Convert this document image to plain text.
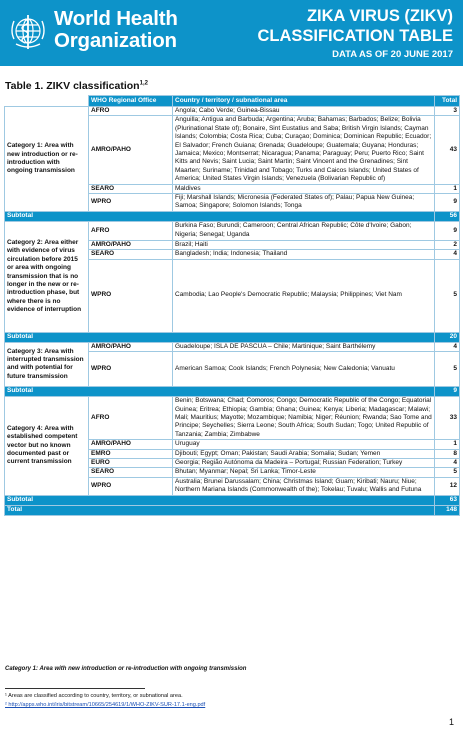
World Health
Organization
ZIKA VIRUS (ZIKV)
CLASSIFICATION TABLE
DATA AS OF 20 JUNE 2017
Table 1. ZIKV classification$^{1,2}$
	WHO Regional Office	Country / territory / subnational area	Total
Category 1: Area with new introduction or re-introduction with ongoing transmission	AFRO	Angola; Cabo Verde; Guinea-Bissau	3
	AMRO/PAHO	Anguilla; Antigua and Barbuda; Argentina; Aruba; Bahamas; Barbados; Belize; Bolivia (Plurinational State of); Bonaire, Sint Eustatius and Saba; British Virgin Islands; Cayman Islands; Colombia; Costa Rica; Cuba; Curaçao; Dominica; Dominican Republic; Ecuador; El Salvador; French Guiana; Grenada; Guadeloupe; Guatemala; Guyana; Honduras; Jamaica; Mexico; Montserrat; Nicaragua; Panama; Paraguay; Peru; Puerto Rico; Saint Kitts and Nevis; Saint Lucia; Saint Martin; Saint Vincent and the Grenadines; Sint Maarten; Suriname; Trinidad and Tobago; Turks and Caicos Islands; United States of America; United States Virgin Islands; Venezuela (Bolivarian Republic of)	43
	SEARO	Maldives	1
	WPRO	Fiji; Marshall Islands; Micronesia (Federated States of); Palau; Papua New Guinea; Samoa; Singapore; Solomon Islands; Tonga	9
Subtotal			56
Category 2: Area either with evidence of virus circulation before 2015 or area with ongoing transmission that is no longer in the new or re-introduction phase, but where there is no evidence of interruption	AFRO	Burkina Faso; Burundi; Cameroon; Central African Republic; Côte d'Ivoire; Gabon; Nigeria; Senegal; Uganda	9
	AMRO/PAHO	Brazil; Haiti	2
	SEARO	Bangladesh; India; Indonesia; Thailand	4
	WPRO	Cambodia; Lao People's Democratic Republic; Malaysia; Philippines; Viet Nam	5
Subtotal			20
Category 3: Area with interrupted transmission and with potential for future transmission	AMRO/PAHO	Guadeloupe; ISLA DE PASCUA – Chile; Martinique; Saint Barthélemy	4
	WPRO	American Samoa; Cook Islands; French Polynesia; New Caledonia; Vanuatu	5
Subtotal			9
Category 4: Area with established competent vector but no known documented past or current transmission	AFRO	Benin; Botswana; Chad; Comoros; Congo; Democratic Republic of the Congo; Equatorial Guinea; Eritrea; Ethiopia; Gambia; Ghana; Guinea; Kenya; Liberia; Madagascar; Malawi; Mali; Mauritius; Mayotte; Mozambique; Namibia; Niger; Réunion; Rwanda; Sao Tome and Principe; Seychelles; Sierra Leone; South Africa; South Sudan; Togo; United Republic of Tanzania; Zambia; Zimbabwe	33
	AMRO/PAHO	Uruguay	1
	EMRO	Djibouti; Egypt; Oman; Pakistan; Saudi Arabia; Somalia; Sudan; Yemen	8
	EURO	Georgia; Região Autónoma da Madeira – Portugal; Russian Federation; Turkey	4
	SEARO	Bhutan; Myanmar; Nepal; Sri Lanka; Timor-Leste	5
	WPRO	Australia; Brunei Darussalam; China; Christmas Island; Guam; Kiribati; Nauru; Niue; Northern Mariana Islands (Commonwealth of the); Tokelau; Tuvalu; Wallis and Futuna	12
Subtotal			63
Total			148
Category 1: Area with new introduction or re-introduction with ongoing transmission
¹ Areas are classified according to country, territory, or subnational area.
² http://apps.who.int/iris/bitstream/10665/254619/1/WHO-ZIKV-SUR-17.1-eng.pdf
1
